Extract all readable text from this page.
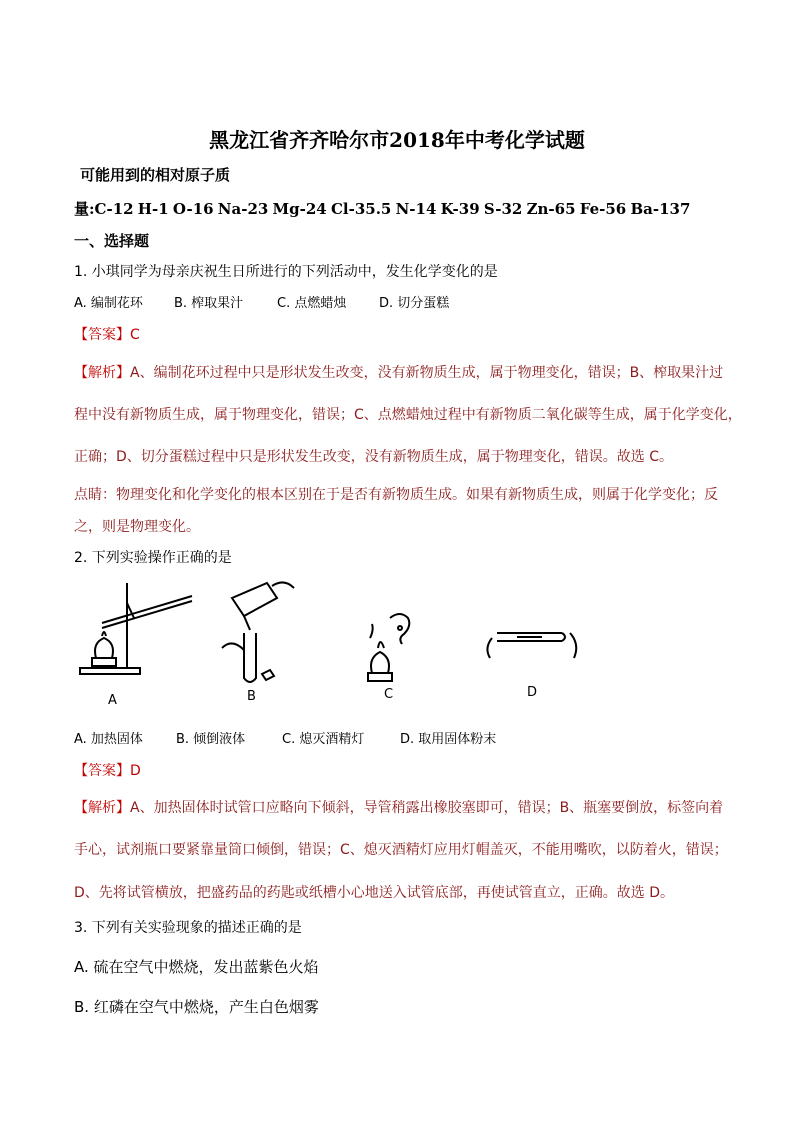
黑龙江省齐齐哈尔市2018年中考化学试题
可能用到的相对原子质
量:C-12 H-1 O-16 Na-23 Mg-24 Cl-35.5 N-14 K-39 S-32 Zn-65 Fe-56 Ba-137
一、选择题
1. 小琪同学为母亲庆祝生日所进行的下列活动中，发生化学变化的是
A. 编制花环 B. 榨取果汁	C. 点燃蜡烛	D. 切分蛋糕
【答案】C
【解析】A、编制花环过程中只是形状发生改变，没有新物质生成，属于物理变化，错误；B、榨取果汁过
程中没有新物质生成，属于物理变化，错误；C、点燃蜡烛过程中有新物质二氧化碳等生成，属于化学变化，
正确；D、切分蛋糕过程中只是形状发生改变，没有新物质生成，属于物理变化，错误。故选 C。
点睛：物理变化和化学变化的根本区别在于是否有新物质生成。如果有新物质生成，则属于化学变化；反
之，则是物理变化。
2. 下列实验操作正确的是
A	B	C	D
A. 加热固体	B. 倾倒液体	C. 熄灭酒精灯	D. 取用固体粉末
【答案】D
【解析】A、加热固体时试管口应略向下倾斜，导管稍露出橡胶塞即可，错误；B、瓶塞要倒放，标签向着
手心，试剂瓶口要紧靠量筒口倾倒，错误；C、熄灭酒精灯应用灯帽盖灭，不能用嘴吹，以防着火，错误；
D、先将试管横放，把盛药品的药匙或纸槽小心地送入试管底部，再使试管直立，正确。故选 D。
3. 下列有关实验现象的描述正确的是
A. 硫在空气中燃烧，发出蓝紫色火焰
B. 红磷在空气中燃烧，产生白色烟雾
